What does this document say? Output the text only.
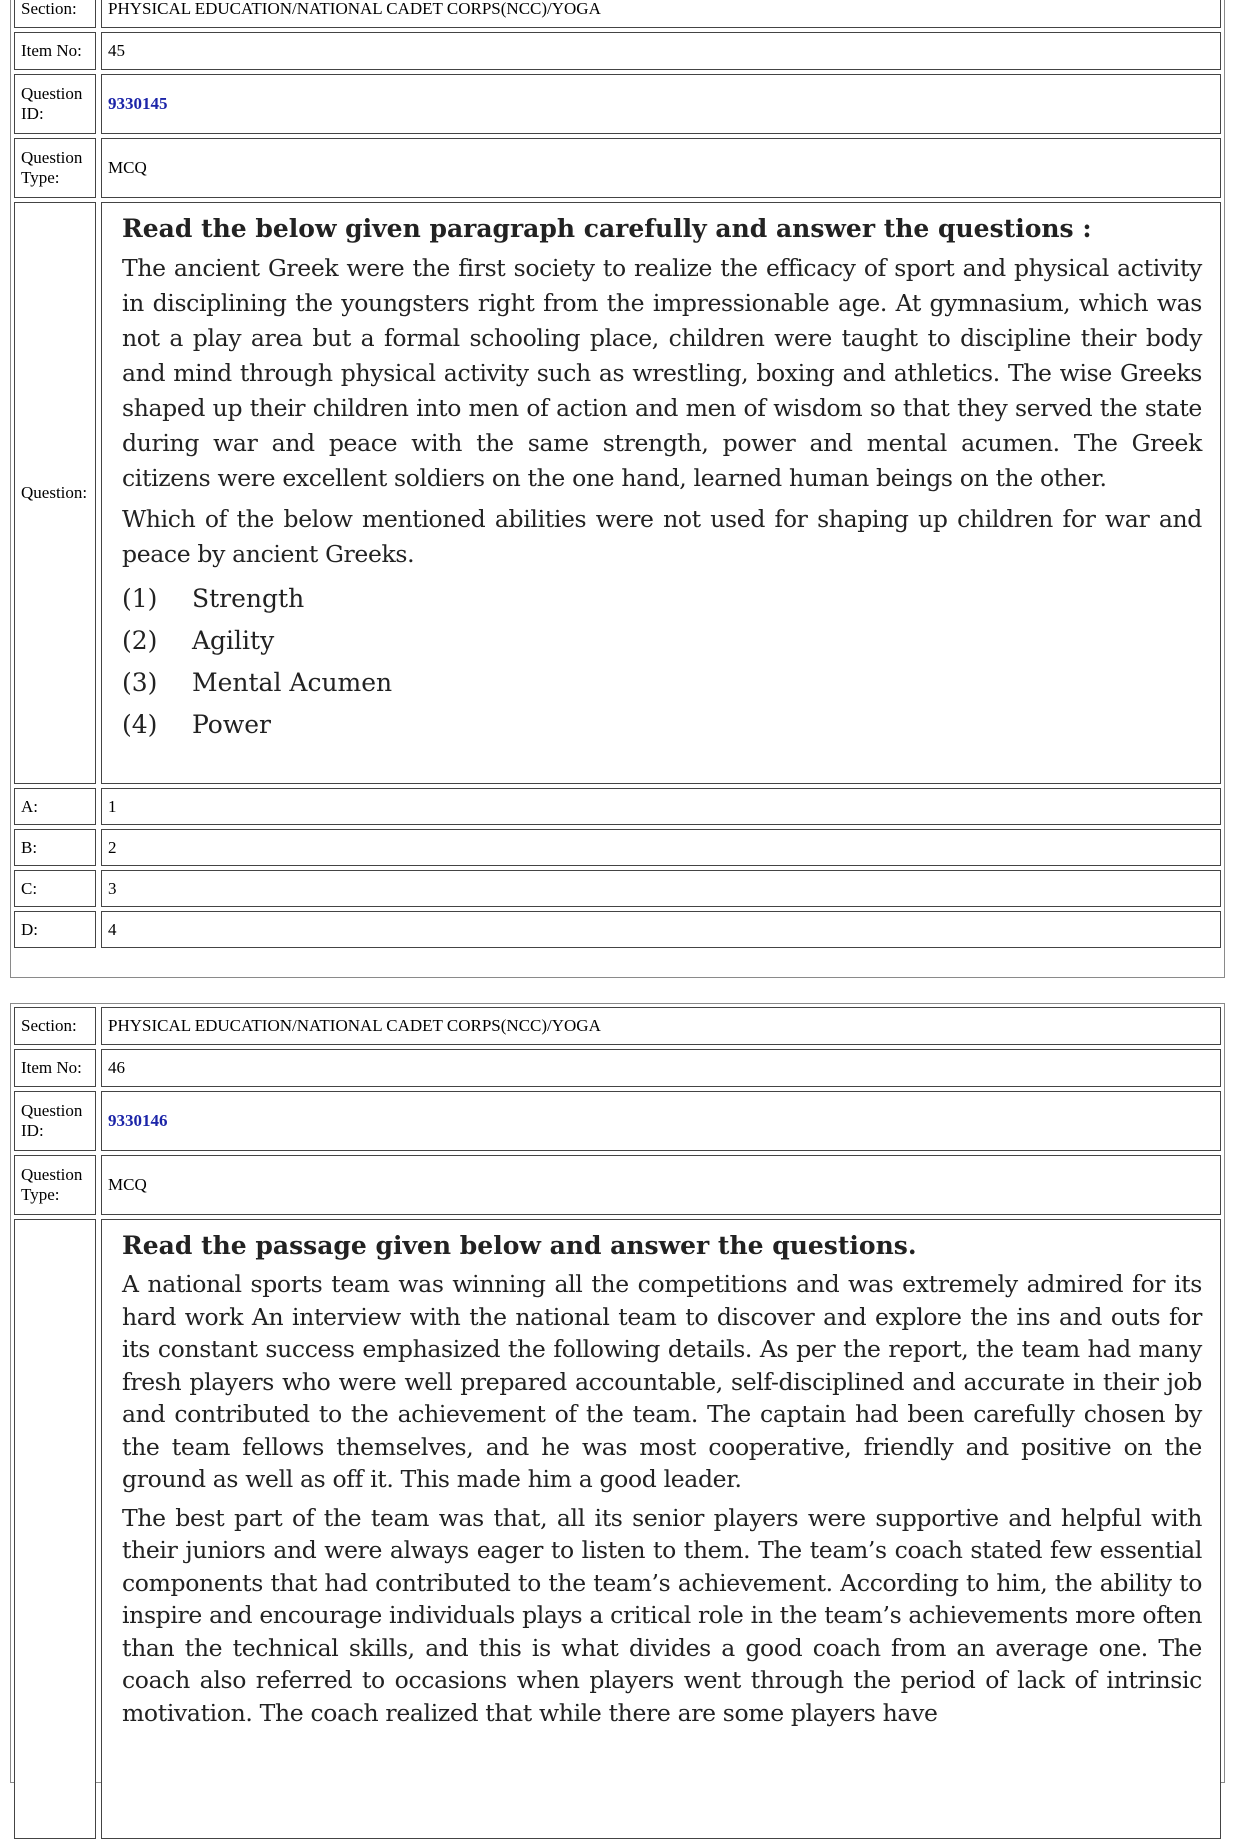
Section:	PHYSICAL EDUCATION/NATIONAL CADET CORPS(NCC)/YOGA
Item No:	45
Question ID:
9330145
Question Type:
MCQ
Question:
Read the below given paragraph carefully and answer the questions :
The ancient Greek were the first society to realize the efficacy of sport and physical activity in disciplining the youngsters right from the impressionable age. At gymnasium, which was not a play area but a formal schooling place, children were taught to discipline their body and mind through physical activity such as wrestling, boxing and athletics. The wise Greeks shaped up their children into men of action and men of wisdom so that they served the state during war and peace with the same strength, power and mental acumen. The Greek citizens were excellent soldiers on the one hand, learned human beings on the other.
Which of the below mentioned abilities were not used for shaping up children for war and peace by ancient Greeks.
(1)	Strength
(2)	Agility
(3)	Mental Acumen
(4)	Power
A:	1
B:	2
C:	3
D:	4
Section:	PHYSICAL EDUCATION/NATIONAL CADET CORPS(NCC)/YOGA
Item No:	46
Question ID:
9330146
Question Type:
MCQ
Read the passage given below and answer the questions.
A national sports team was winning all the competitions and was extremely admired for its hard work An interview with the national team to discover and explore the ins and outs for its constant success emphasized the following details. As per the report, the team had many fresh players who were well prepared accountable, self-disciplined and accurate in their job and contributed to the achievement of the team. The captain had been carefully chosen by the team fellows themselves, and he was most cooperative, friendly and positive on the ground as well as off it. This made him a good leader.
The best part of the team was that, all its senior players were supportive and helpful with their juniors and were always eager to listen to them. The team’s coach stated few essential components that had contributed to the team’s achievement. According to him, the ability to inspire and encourage individuals plays a critical role in the team’s achievements more often than the technical skills, and this is what divides a good coach from an average one. The coach also referred to occasions when players went through the period of lack of intrinsic motivation. The coach realized that while there are some players have
